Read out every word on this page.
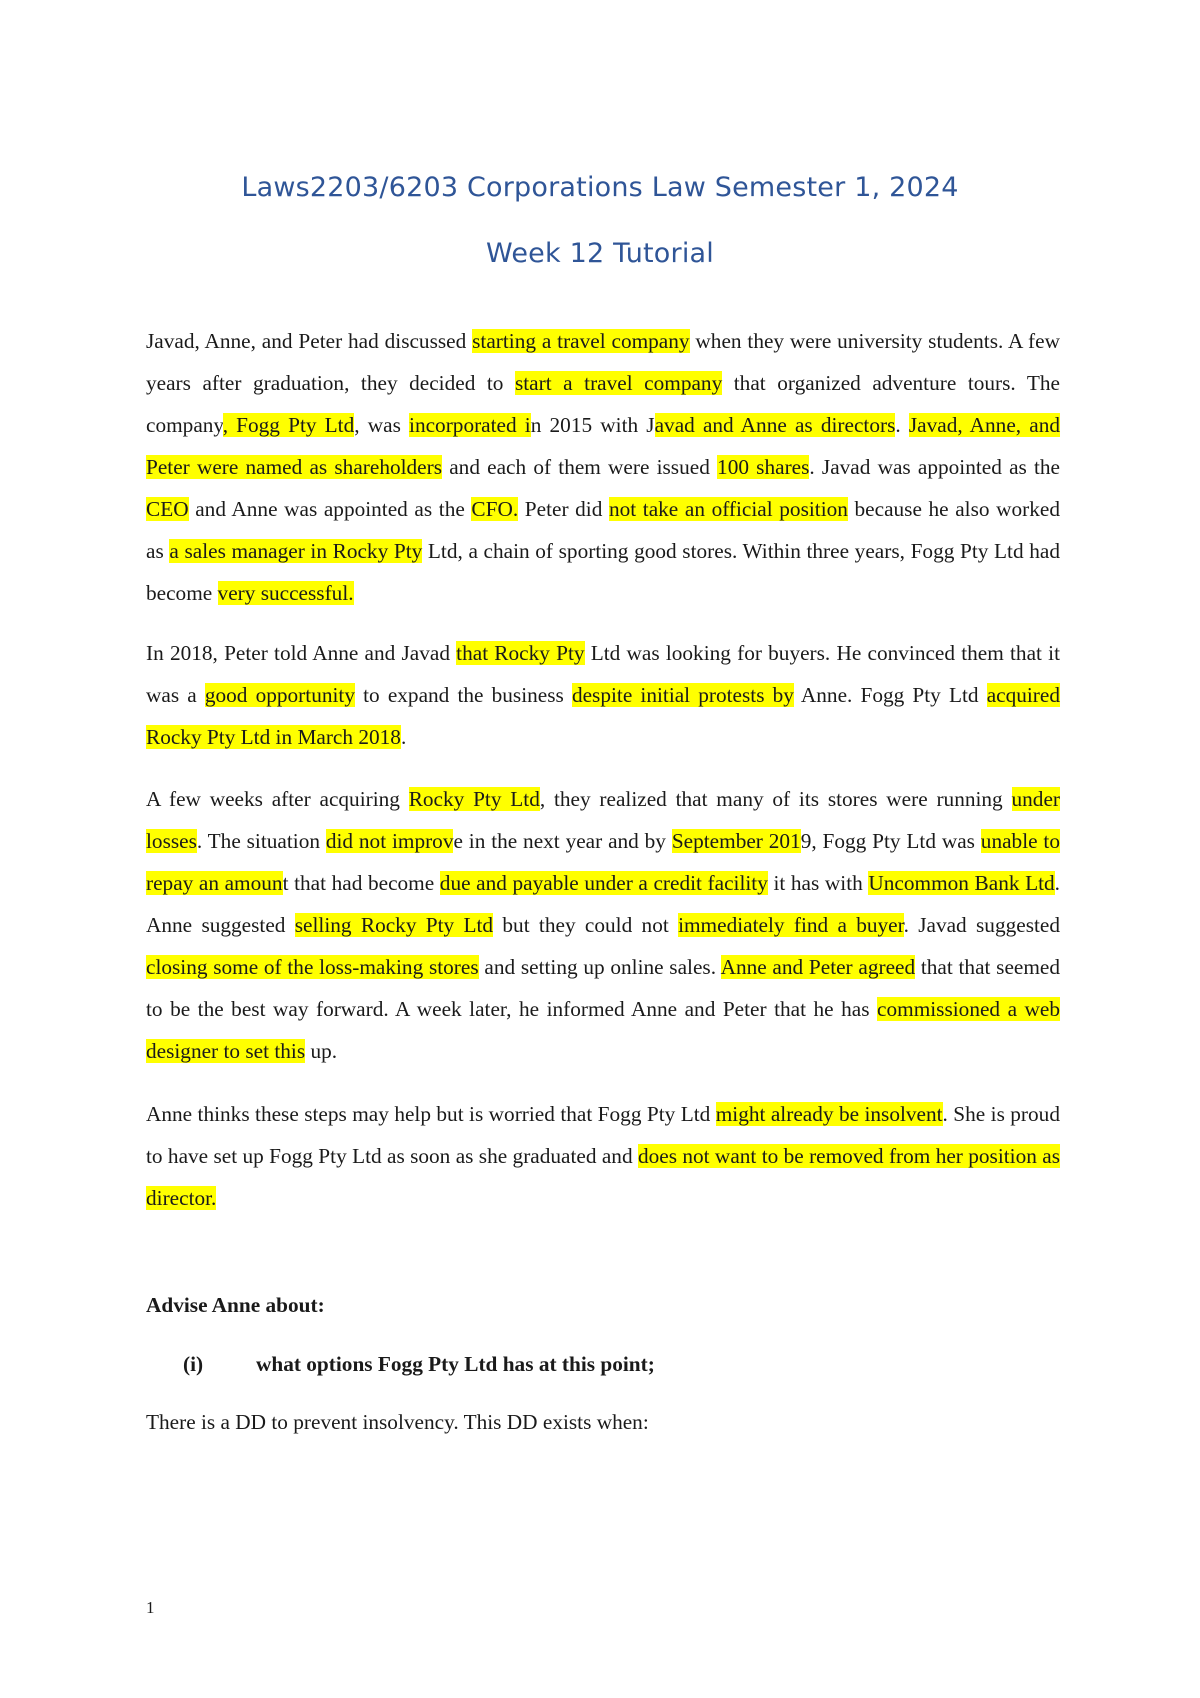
Laws2203/6203 Corporations Law Semester 1, 2024
Week 12 Tutorial
Javad, Anne, and Peter had discussed starting a travel company when they were university students. A few years after graduation, they decided to start a travel company that organized adventure tours. The company, Fogg Pty Ltd, was incorporated in 2015 with Javad and Anne as directors. Javad, Anne, and Peter were named as shareholders and each of them were issued 100 shares. Javad was appointed as the CEO and Anne was appointed as the CFO. Peter did not take an official position because he also worked as a sales manager in Rocky Pty Ltd, a chain of sporting good stores. Within three years, Fogg Pty Ltd had become very successful.
In 2018, Peter told Anne and Javad that Rocky Pty Ltd was looking for buyers. He convinced them that it was a good opportunity to expand the business despite initial protests by Anne. Fogg Pty Ltd acquired Rocky Pty Ltd in March 2018.
A few weeks after acquiring Rocky Pty Ltd, they realized that many of its stores were running under losses. The situation did not improve in the next year and by September 2019, Fogg Pty Ltd was unable to repay an amount that had become due and payable under a credit facility it has with Uncommon Bank Ltd. Anne suggested selling Rocky Pty Ltd but they could not immediately find a buyer. Javad suggested closing some of the loss-making stores and setting up online sales. Anne and Peter agreed that that seemed to be the best way forward. A week later, he informed Anne and Peter that he has commissioned a web designer to set this up.
Anne thinks these steps may help but is worried that Fogg Pty Ltd might already be insolvent. She is proud to have set up Fogg Pty Ltd as soon as she graduated and does not want to be removed from her position as director.
Advise Anne about:
(i) what options Fogg Pty Ltd has at this point;
There is a DD to prevent insolvency. This DD exists when:
1
